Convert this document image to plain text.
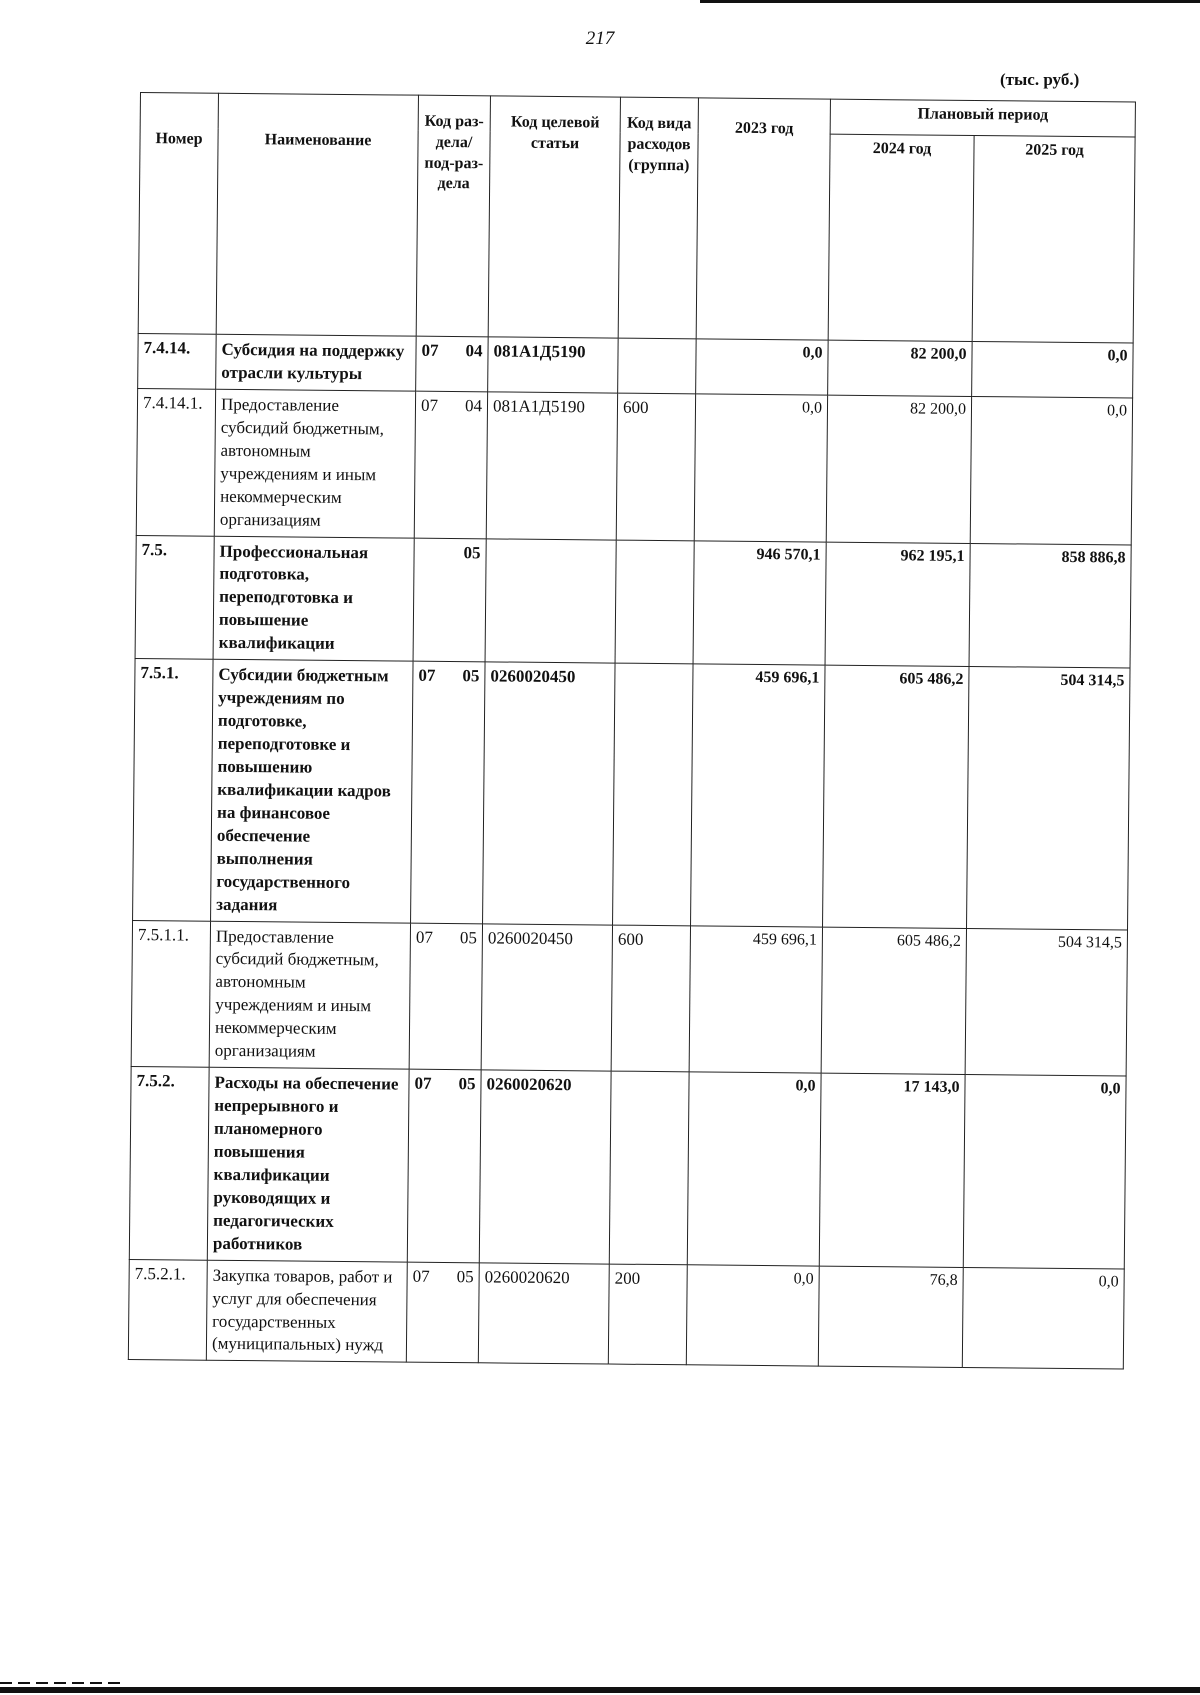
217
(тыс. руб.)
Номер	Наименование	Код раз-дела/ под-раз-дела	Код целевой статьи	Код вида расходов (группа)	2023 год	Плановый период	
						2024 год	2025 год
7.4.14.	Субсидия на поддержку отрасли культуры	07 04	081А1Д5190		0,0	82 200,0	0,0
7.4.14.1.	Предоставление субсидий бюджетным, автономным учреждениям и иным некоммерческим организациям	07 04	081А1Д5190	600	0,0	82 200,0	0,0
7.5.	Профессиональная подготовка, переподготовка и повышение квалификации	05			946 570,1	962 195,1	858 886,8
7.5.1.	Субсидии бюджетным учреждениям по подготовке, переподготовке и повышению квалификации кадров на финансовое обеспечение выполнения государственного задания	07 05	0260020450		459 696,1	605 486,2	504 314,5
7.5.1.1.	Предоставление субсидий бюджетным, автономным учреждениям и иным некоммерческим организациям	07 05	0260020450	600	459 696,1	605 486,2	504 314,5
7.5.2.	Расходы на обеспечение непрерывного и планомерного повышения квалификации руководящих и педагогических работников	07 05	0260020620		0,0	17 143,0	0,0
7.5.2.1.	Закупка товаров, работ и услуг для обеспечения государственных (муниципальных) нужд	07 05	0260020620	200	0,0	76,8	0,0
